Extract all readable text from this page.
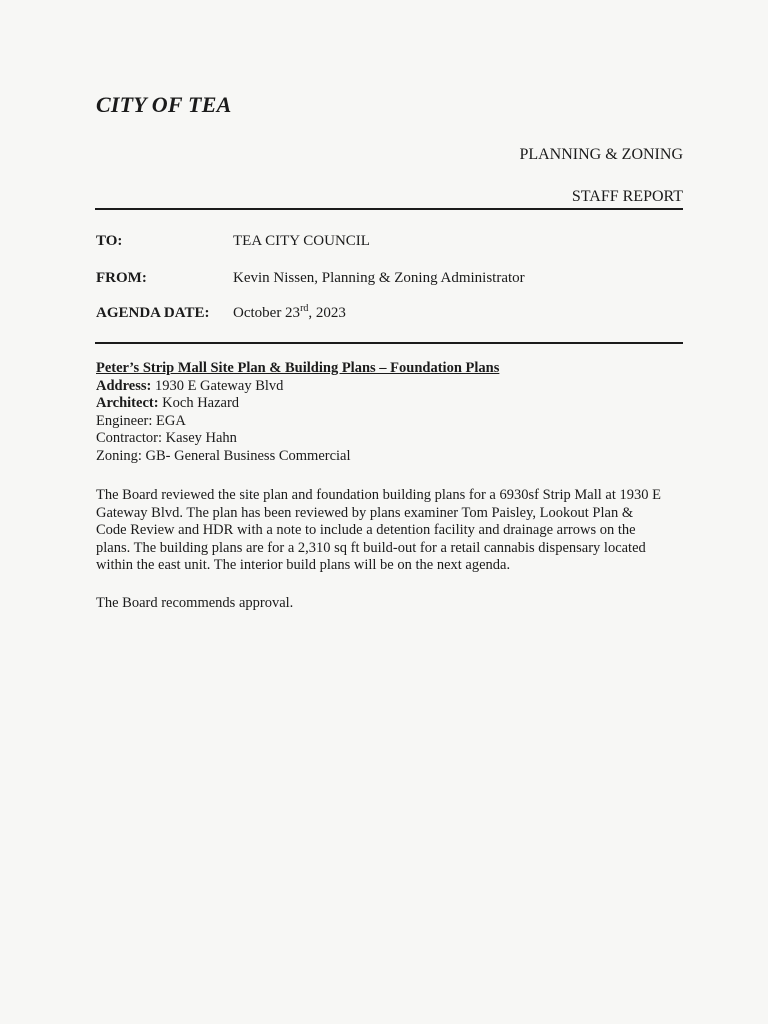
CITY OF TEA
PLANNING & ZONING
STAFF REPORT
TO:	TEA CITY COUNCIL
FROM:	Kevin Nissen, Planning & Zoning Administrator
AGENDA DATE: October 23rd, 2023
Peter’s Strip Mall Site Plan & Building Plans – Foundation Plans
Address: 1930 E Gateway Blvd
Architect: Koch Hazard
Engineer: EGA
Contractor: Kasey Hahn
Zoning: GB- General Business Commercial
The Board reviewed the site plan and foundation building plans for a 6930sf Strip Mall at 1930 E
Gateway Blvd. The plan has been reviewed by plans examiner Tom Paisley, Lookout Plan &
Code Review and HDR with a note to include a detention facility and drainage arrows on the
plans. The building plans are for a 2,310 sq ft build-out for a retail cannabis dispensary located
within the east unit. The interior build plans will be on the next agenda.
The Board recommends approval.
